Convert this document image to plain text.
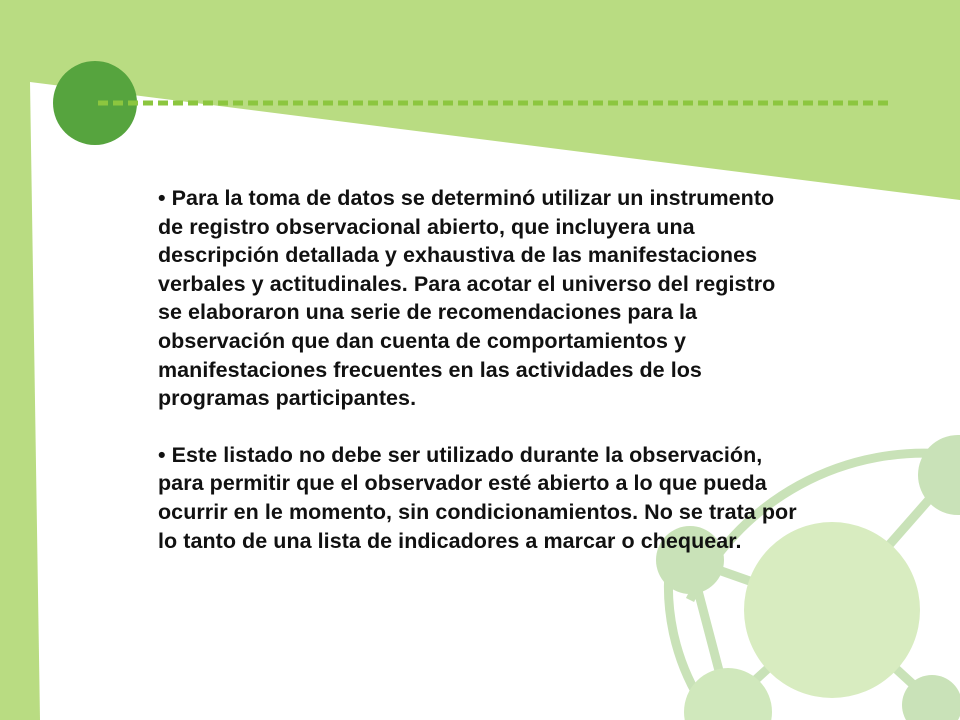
• Para la toma de datos se determinó utilizar un instrumento
de registro observacional abierto, que incluyera una
descripción detallada y exhaustiva de las manifestaciones
verbales y actitudinales. Para acotar el universo del registro
se elaboraron una serie de recomendaciones para la
observación que dan cuenta de comportamientos y
manifestaciones frecuentes en las actividades de los
programas participantes.

• Este listado no debe ser utilizado durante la observación,
para permitir que el observador esté abierto a lo que pueda
ocurrir en le momento, sin condicionamientos. No se trata por
lo tanto de una lista de indicadores a marcar o chequear.
